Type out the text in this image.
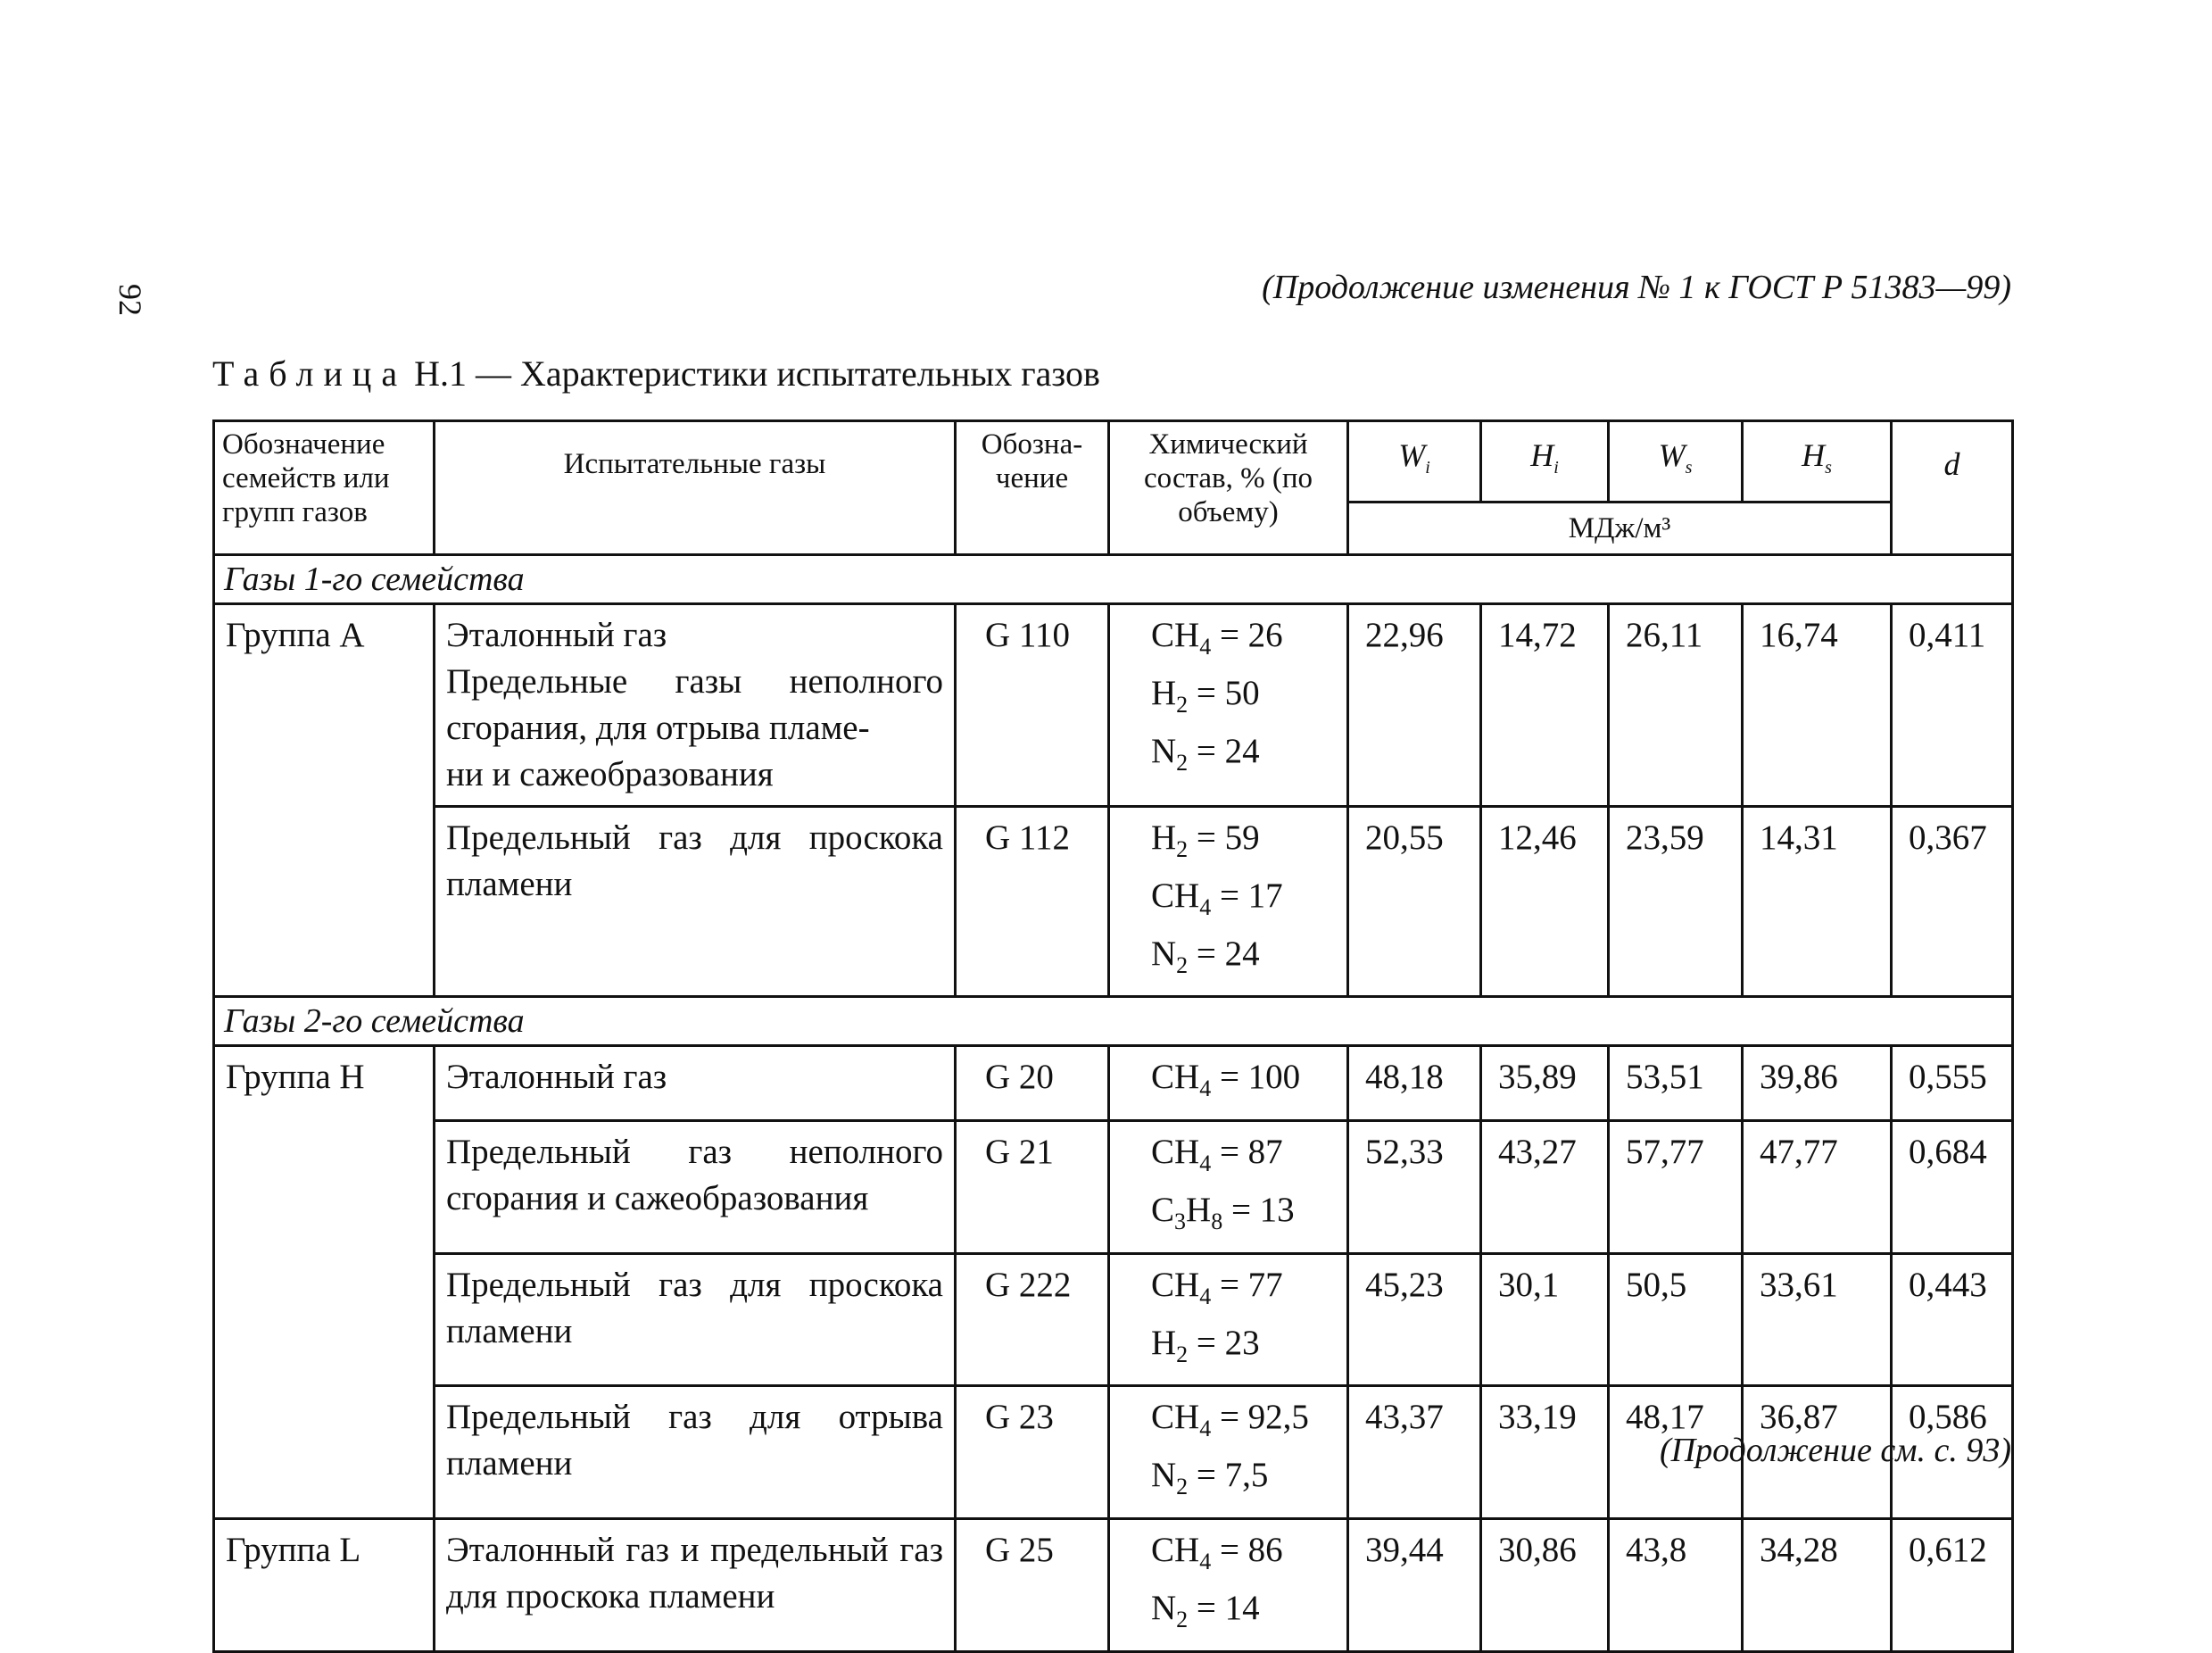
92	(Продолжение изменения № 1 к ГОСТ Р 51383—99)
Таблица Н.1 — Характеристики испытательных газов
Обозначение семейств или групп газов	Испытательные газы	Обозна- чение	Химический состав, % (по объему)	$W_i$	$H_i$	$W_s$	$H_s$	d
				МДж/м³				
Газы 1-го семейства								
Группа А	Эталонный газ
Предельные газы неполного сгорания, для отрыва пламе-
ни и сажеобразования	G 110	$CH_4 = 26$
$H_2 = 50$
$N_2 = 24$	22,96	14,72	26,11	16,74	0,411
	Предельный газ для проскока пламени	G 112	$H_2 = 59$
$CH_4 = 17$
$N_2 = 24$	20,55	12,46	23,59	14,31	0,367
Газы 2-го семейства								
Группа H	Эталонный газ	G 20	$CH_4 = 100$	48,18	35,89	53,51	39,86	0,555
	Предельный газ неполного сгорания и сажеобразования	G 21	$CH_4 = 87$
$C_3H_8 = 13$	52,33	43,27	57,77	47,77	0,684
	Предельный газ для проскока пламени	G 222	$CH_4 = 77$
$H_2 = 23$	45,23	30,1	50,5	33,61	0,443
	Предельный газ для отрыва пламени	G 23	$CH_4 = 92,5$
$N_2 = 7,5$	43,37	33,19	48,17	36,87	0,586
Группа L	Эталонный газ и предельный газ для проскока пламени	G 25	$CH_4 = 86$
$N_2 = 14$	39,44	30,86	43,8	34,28	0,612
(Продолжение см. с. 93)
